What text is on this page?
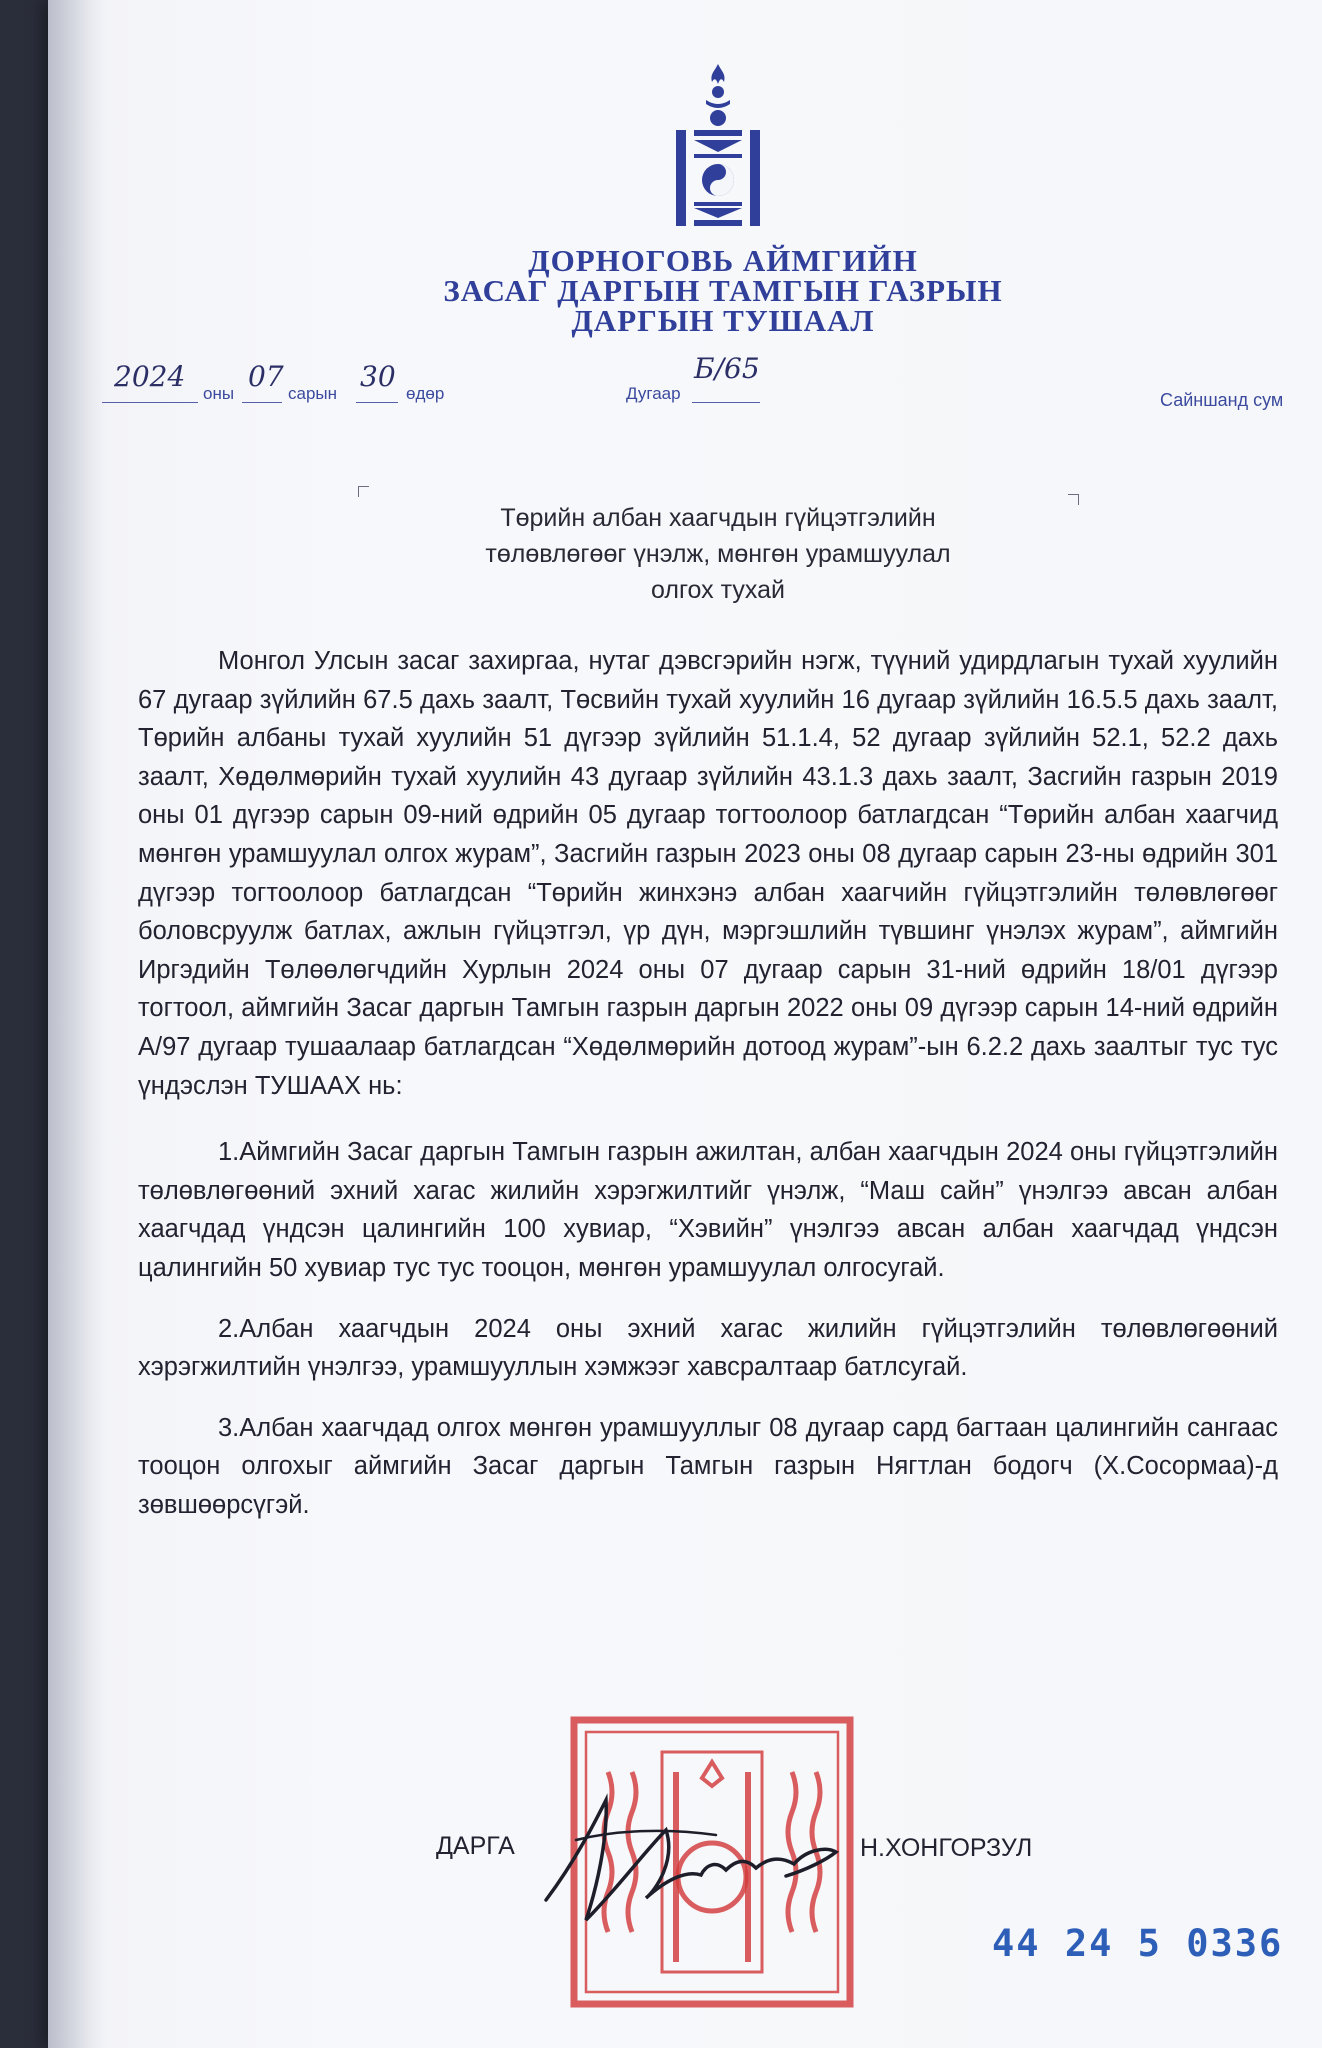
ДОРНОГОВЬ АЙМГИЙН
ЗАСАГ ДАРГЫН ТАМГЫН ГАЗРЫН
ДАРГЫН ТУШААЛ
2024
оны
07
сарын
30
өдөр	Дугаар
Б/65
Сайншанд сум
Төрийн албан хаагчдын гүйцэтгэлийн
төлөвлөгөөг үнэлж, мөнгөн урамшуулал
олгох тухай

Монгол Улсын засаг захиргаа, нутаг дэвсгэрийн нэгж, түүний удирдлагын тухай хуулийн 67 дугаар зүйлийн 67.5 дахь заалт, Төсвийн тухай хуулийн 16 дугаар зүйлийн 16.5.5 дахь заалт, Төрийн албаны тухай хуулийн 51 дүгээр зүйлийн 51.1.4, 52 дугаар зүйлийн 52.1, 52.2 дахь заалт, Хөдөлмөрийн тухай хуулийн 43 дугаар зүйлийн 43.1.3 дахь заалт, Засгийн газрын 2019 оны 01 дүгээр сарын 09-ний өдрийн 05 дугаар тогтоолоор батлагдсан “Төрийн албан хаагчид мөнгөн урамшуулал олгох журам”, Засгийн газрын 2023 оны 08 дугаар сарын 23-ны өдрийн 301 дүгээр тогтоолоор батлагдсан “Төрийн жинхэнэ албан хаагчийн гүйцэтгэлийн төлөвлөгөөг боловсруулж батлах, ажлын гүйцэтгэл, үр дүн, мэргэшлийн түвшинг үнэлэх журам”, аймгийн Иргэдийн Төлөөлөгчдийн Хурлын 2024 оны 07 дугаар сарын 31-ний өдрийн 18/01 дүгээр тогтоол, аймгийн Засаг даргын Тамгын газрын даргын 2022 оны 09 дүгээр сарын 14-ний өдрийн А/97 дугаар тушаалаар батлагдсан “Хөдөлмөрийн дотоод журам”-ын 6.2.2 дахь заалтыг тус тус үндэслэн ТУШААХ нь:

1.Аймгийн Засаг даргын Тамгын газрын ажилтан, албан хаагчдын 2024 оны гүйцэтгэлийн төлөвлөгөөний эхний хагас жилийн хэрэгжилтийг үнэлж, “Маш сайн” үнэлгээ авсан албан хаагчдад үндсэн цалингийн 100 хувиар, “Хэвийн” үнэлгээ авсан албан хаагчдад үндсэн цалингийн 50 хувиар тус тус тооцон, мөнгөн урамшуулал олгосугай.

2.Албан хаагчдын 2024 оны эхний хагас жилийн гүйцэтгэлийн төлөвлөгөөний хэрэгжилтийн үнэлгээ, урамшууллын хэмжээг хавсралтаар батлсугай.

3.Албан хаагчдад олгох мөнгөн урамшууллыг 08 дугаар сард багтаан цалингийн сангаас тооцон олгохыг аймгийн Засаг даргын Тамгын газрын Нягтлан бодогч (Х.Сосормаа)-д зөвшөөрсүгэй.

ДАРГА	Н.ХОНГОРЗУЛ
44 24 5 0336
